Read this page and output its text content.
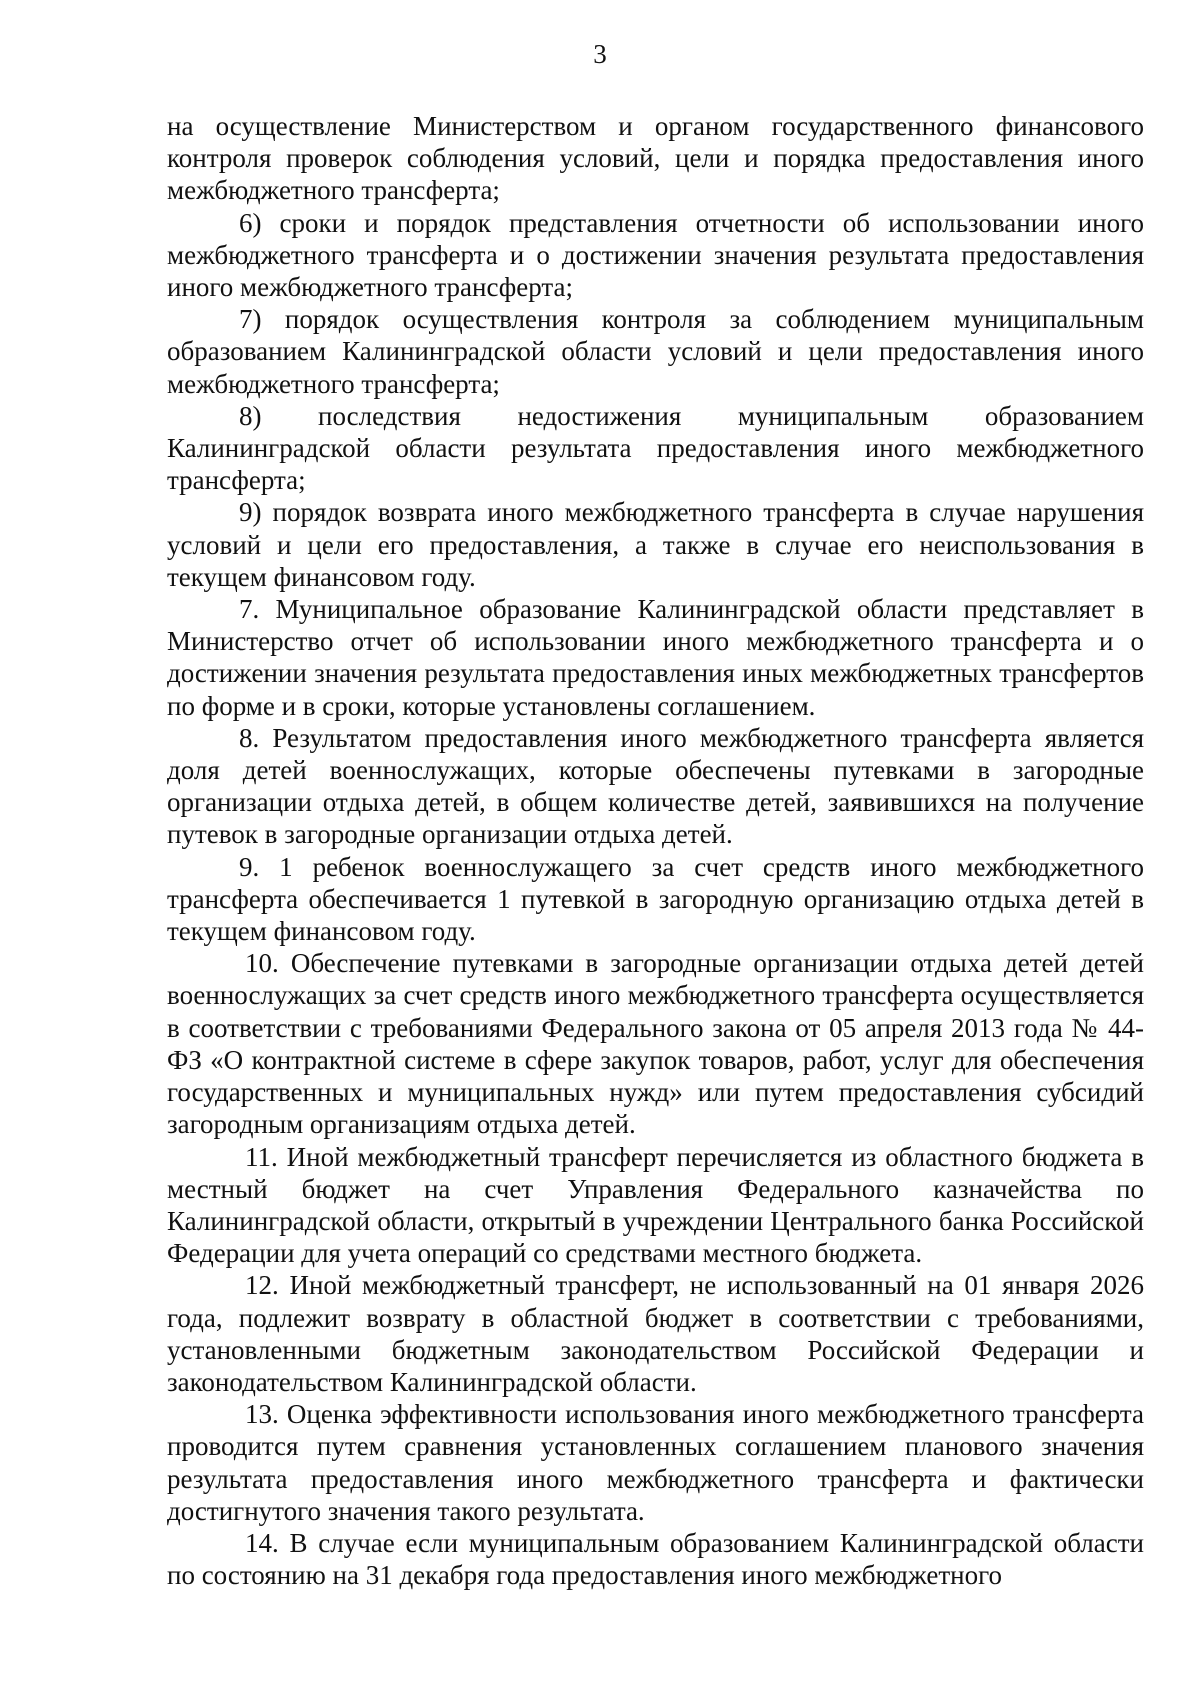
3

на осуществление Министерством и органом государственного финансового контроля проверок соблюдения условий, цели и порядка предоставления иного межбюджетного трансферта;

6) сроки и порядок представления отчетности об использовании иного межбюджетного трансферта и о достижении значения результата предоставления иного межбюджетного трансферта;

7) порядок осуществления контроля за соблюдением муниципальным образованием Калининградской области условий и цели предоставления иного межбюджетного трансферта;

8) последствия недостижения муниципальным образованием Калининградской области результата предоставления иного межбюджетного трансферта;

9) порядок возврата иного межбюджетного трансферта в случае нарушения условий и цели его предоставления, а также в случае его неиспользования в текущем финансовом году.

7. Муниципальное образование Калининградской области представляет в Министерство отчет об использовании иного межбюджетного трансферта и о достижении значения результата предоставления иных межбюджетных трансфертов по форме и в сроки, которые установлены соглашением.

8. Результатом предоставления иного межбюджетного трансферта является доля детей военнослужащих, которые обеспечены путевками в загородные организации отдыха детей, в общем количестве детей, заявившихся на получение путевок в загородные организации отдыха детей.

9. 1 ребенок военнослужащего за счет средств иного межбюджетного трансферта обеспечивается 1 путевкой в загородную организацию отдыха детей в текущем финансовом году.

10. Обеспечение путевками в загородные организации отдыха детей детей военнослужащих за счет средств иного межбюджетного трансферта осуществляется в соответствии с требованиями Федерального закона от 05 апреля 2013 года № 44-ФЗ «О контрактной системе в сфере закупок товаров, работ, услуг для обеспечения государственных и муниципальных нужд» или путем предоставления субсидий загородным организациям отдыха детей.

11. Иной межбюджетный трансферт перечисляется из областного бюджета в местный бюджет на счет Управления Федерального казначейства по Калининградской области, открытый в учреждении Центрального банка Российской Федерации для учета операций со средствами местного бюджета.

12. Иной межбюджетный трансферт, не использованный на 01 января 2026 года, подлежит возврату в областной бюджет в соответствии с требованиями, установленными бюджетным законодательством Российской Федерации и законодательством Калининградской области.

13. Оценка эффективности использования иного межбюджетного трансферта проводится путем сравнения установленных соглашением планового значения результата предоставления иного межбюджетного трансферта и фактически достигнутого значения такого результата.

14. В случае если муниципальным образованием Калининградской области по состоянию на 31 декабря года предоставления иного межбюджетного
